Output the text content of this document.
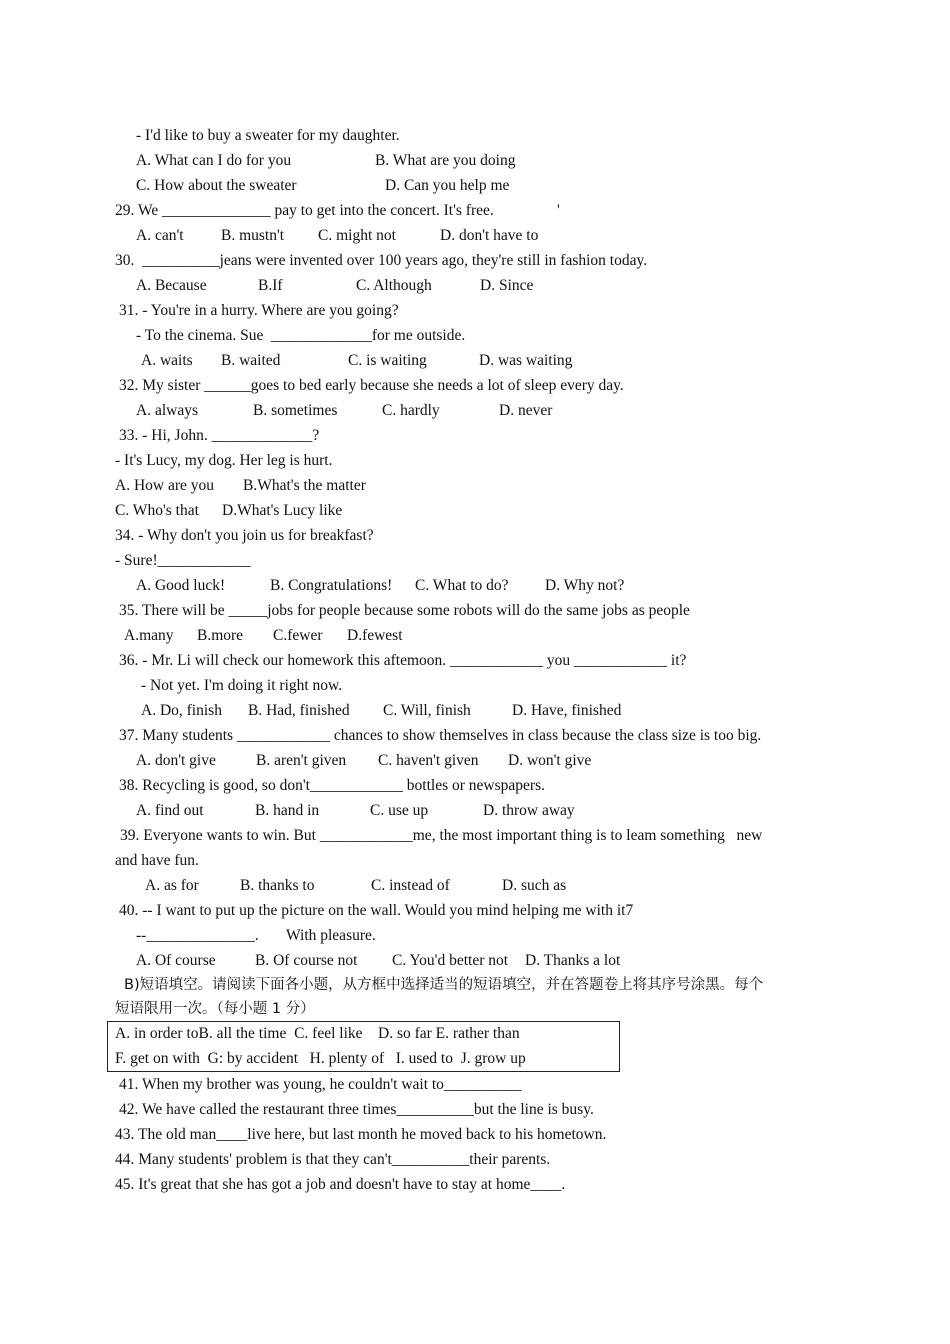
- I'd like to buy a sweater for my daughter.
A. What can I do for you	B. What are you doing
C. How about the sweater	D. Can you help me
29. We ______________ pay to get into the concert. It's free.	'
A. can't B. mustn't C. might not	D. don't have to
30.  __________jeans were invented over 100 years ago, they're still in fashion today.
A. Because	B.If	C. Although	D. Since
31. - You're in a hurry. Where are you going?
- To the cinema. Sue  _____________for me outside.
A. waits B. waited	C. is waiting	D. was waiting
32. My sister ______goes to bed early because she needs a lot of sleep every day.
A. always	B. sometimes	C. hardly	D. never
33. - Hi, John. _____________?
- It's Lucy, my dog. Her leg is hurt.
A. How are you B.What's the matter
C. Who's that D.What's Lucy like
34. - Why don't you join us for breakfast?
- Sure!____________
A. Good luck!	B. Congratulations! C. What to do? D. Why not?
35. There will be _____jobs for people because some robots will do the same jobs as people
A.many B.more C.fewer D.fewest
36. - Mr. Li will check our homework this aftemoon. ____________ you ____________ it?
- Not yet. I'm doing it right now.
A. Do, finish B. Had, finished C. Will, finish	D. Have, finished
37. Many students ____________ chances to show themselves in class because the class size is too big.
A. don't give	B. aren't given C. haven't given D. won't give
38. Recycling is good, so don't____________ bottles or newspapers.
A. find out	B. hand in	C. use up	D. throw away
39. Everyone wants to win. But ____________me, the most important thing is to leam something   new
and have fun.
A. as for	B. thanks to	C. instead of	D. such as
40. -- I want to put up the picture on the wall. Would you mind helping me with it7
--______________. With pleasure.
A. Of course	B. Of course not C. You'd better not D. Thanks a lot
B)短语填空。请阅读下面各小题，从方框中选择适当的短语填空，并在答题卷上将其序号涂黑。每个
短语限用一次。（每小题 1 分）
A. in order toB. all the time  C. feel like    D. so far E. rather than
F. get on with  G: by accident   H. plenty of   I. used to  J. grow up
41. When my brother was young, he couldn't wait to__________
42. We have called the restaurant three times__________but the line is busy.
43. The old man____live here, but last month he moved back to his hometown.
44. Many students' problem is that they can't__________their parents.
45. It's great that she has got a job and doesn't have to stay at home____.
